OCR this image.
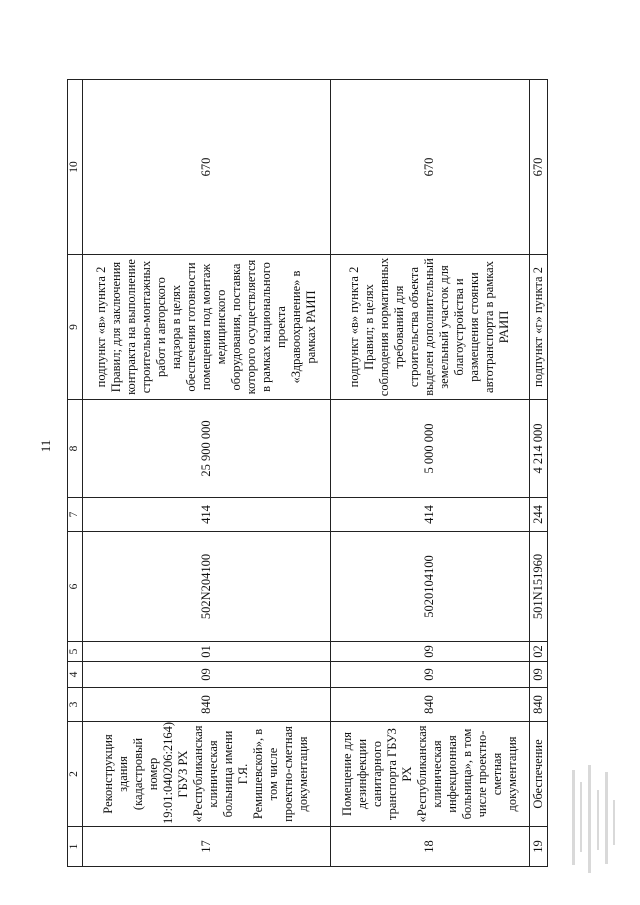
11
1	2	3	4	5	6	7	8	9	10
17	Реконструкция здания (кадастровый номер 19:01:040206:2164) ГБУЗ РХ «Республиканская клиническая больница имени Г.Я. Ремишевской», в том числе проектно-сметная документация	840	09	01	502N204100	414	25 900 000	подпункт «в» пункта 2 Правил; для заключения контракта на выполнение строительно-монтажных работ и авторского надзора в целях обеспечения готовности помещения под монтаж медицинского оборудования, поставка которого осуществляется в рамках национального проекта «Здравоохранение» в рамках РАИП	670
18	Помещение для дезинфекции санитарного транспорта ГБУЗ РХ «Республиканская клиническая инфекционная больница», в том числе проектно-сметная документация	840	09	09	5020104100	414	5 000 000	подпункт «в» пункта 2 Правил; в целях соблюдения нормативных требований для строительства объекта выделен дополнительный земельный участок для благоустройства и размещения стоянки автотранспорта в рамках РАИП	670
19	Обеспечение	840	09	02	501N151960	244	4 214 000	подпункт «г» пункта 2	670
